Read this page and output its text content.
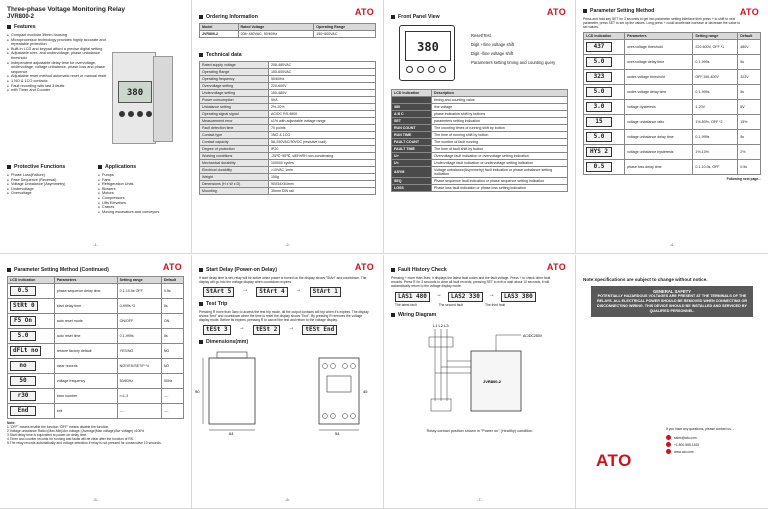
Three-phase Voltage Monitoring Relay
JVR800-2
Features
● Compact modular 35mm housing
● Microprocessor technology provides highly accurate and repeatable protection
● Built-in LCD and keypad afford a precise digital setting
● Adjustable over- and undervoltage, phase unbalance threshold
● Independent adjustable delay time for overvoltage, undervoltage, voltage unbalance, phase loss and phase sequence
● Adjustable reset method automatic reset or manual reset
● 1 NO & 1CO contacts
● Fault recording with last 3 faults
● with Timer and Counter	380
Protective Functions
● Phase Loss(Failure)
● Pase Sequence (Reversal)
● Voltage Unbalance (Asymmetry)
● Undervoltage
● Overvoltage
Applications
● Pumps
● Fans
● Refrigeration Units
● Blowers
● Motors
● Compressors
● Lifts Elevators
● Cranes
● Moving escavators and conveyors
-1-
ATO
Ordering Information
Model	Rated Voltage	Operating Range
JVR800-2	208~480VAC, 50/60Hz	150~600VAC
Technical data
Rated supply voltage	208-480VAC
Operating Range	150-600VAC
Operating frequency	50/60Hz
Overvoltage setting	220-600V
Undervoltage setting	150-480V
Power consumption	5VA
Unbalance setting	2%-20%
Operating signal signal	AC/DC RS-4800
Measurement error	≤1% with adjustable voltage range
Fault detection time	70 points
Contact type	1NO & 1CO
Contact capacity	5A,250VAC/30VDC (resistive load)
Degree of protection	IP20
Working conditions	-25℃~55℃, ≤85%RH non-condensing
Mechanical durability	100000 cycles
Electrical durability	>10VAC 1min
Weight	155g
Dimensions (H x W x D)	90X54X64mm
Mounting	35mm DIN rail
-2-
ATO
Front Panel View
380
Reset/Test
Digit +/line voltage shift
Digit -/line voltage shift
Parameters setting timing and counting query
LCD Indication	Description
	timing and counting value
380	line voltage
A B C	phase indication shift by buttons
SET	parameters setting indication
RUN COUNT	The counting times of running shift by button
RUN TIME	The time of running shift by button
FAULT COUNT	The number of fault running
FAULT TIME	The time of fault shift by button
U>	Overvoltage fault indication or overvoltage setting indication
U<	Undervoltage fault indication or undervoltage setting indication
ASYM	Voltage unbalance(Asymmetry) fault indication or phase unbalance setting indication
SEQ	Phase sequence fault indication or phase sequence setting indication
LOSS	Phase loss fault indication or phase loss setting indication
ATO
Parameter Setting Method
Press and hold key SET for 3 seconds to get into parameter setting interface then press + to shift to next parameter, press SET to set up the values. Long press + could accelerate increase or decrease the value to set values.
LCD indication	Parameters	Setting range	Default
437	over-voltage threshold	220-600V, OFF *1	480V
5.0	over-voltage delay time	0.1-999s	5s
323	under-voltage threshold	OFF,150-400V	323V
5.0	under-voltage delay time	0.1-999s	5s
3.0	voltage hysteresis	1-20V	5V
15	voltage unbalance ratio	1%-50%, OFF *2	15%
5.0	voltage unbalance delay time	0.1-999s	5s
HYS 2	voltage unbalance hysteresis	1%-10%	2%
0.5	phase loss delay time	0.1-10.0s, OFF	0.5s
Following next page...
-4-
ATO
Parameter Setting Method (Continued)
LCD indication	Parameters	Setting range	Default
0.5	phase sequence delay time	0.1-10.0s OFF	0.5s
StRt 0	start delay time	0-999s *3	0s
F5 On	auto reset mode	ON/OFF	ON
5.0	auto reset time	0.1-999s	5s
dFLt no	restore factory default	YES/NO	NO
no	clear records	NO/YES/SET/P *4	NO
50	voltage frequency	50/60Hz	50Hz
r30	baro number	r=1-3	----
End	exit	----	----
Note:
1."OFF" means enable the function "OFF" means disable the function.
2.Voltage unbalance Ratio=(Max-Min)/Avr voltage; (Average(Max voltage)/Avr voltage) x100%
3.Start delay time is equivalent to power-on delay time.
4.Timer and counter records for running and faults will be clear after the function of RS.
5.The relay records automatically and voltage detection if relay is not pressed for consecutive 10 seconds.
-5-
ATO
Start Delay (Power-on Delay)
If start delay time is set, relay will be active when power is turned on the display shows "StArt" and countdown. The display will go into the voltage display when countdown expires.
StArt 5	→	StArt 4	→	StArt 1
Test Trip
Pressing R more than 3sec to access the test trip mode, all the output contacts will trip when it's expires. The display shows "test" and countdown when the time is reset the display shows "End". By pressing R removes the voltage display mode. Before its expires, pressing R to cancel the test and return to the voltage display.
tESt 3	→	tESt 2	→	tESt End
Dimensions(mm)
64
90
54
45
-6-
ATO
Fault History Check
Pressing + more than 3sec, it displays the latest fault codes and the fault voltage. Press + to check other fault records. Press R for 3 seconds to clear all fault records; pressing SET to exit or wait about 10 seconds, it will automatically return to the voltage display mode.
LAS1 480	→	LAS2 330	→	LAS3 380
The latest fault	The second fault	The third fault
Wiring Diagram
L1 L2 L3
JVR800-2
AC/DC250V
Relay contact position shown in "Power on" (Healthy) condition
-7-
Note:specifications are subject to change without notice.
GENERAL SAFETY
POTENTIALLY HAZARDOUS VOLTAGES ARE PRESENT AT THE TERMINALS OF THE RELAYS. ALL ELECTRICAL POWER SHOULD BE REMOVED WHEN CONNECTING OR DISCONNECTING WIRING. THIS DEVICE SHOULD BE INSTALLED AND SERVICED BY QUALIFIED PERSONNEL.
ATO
If you have any questions, please contact us...
sales@ato.com
+1 800-585-1519
www.ato.com
